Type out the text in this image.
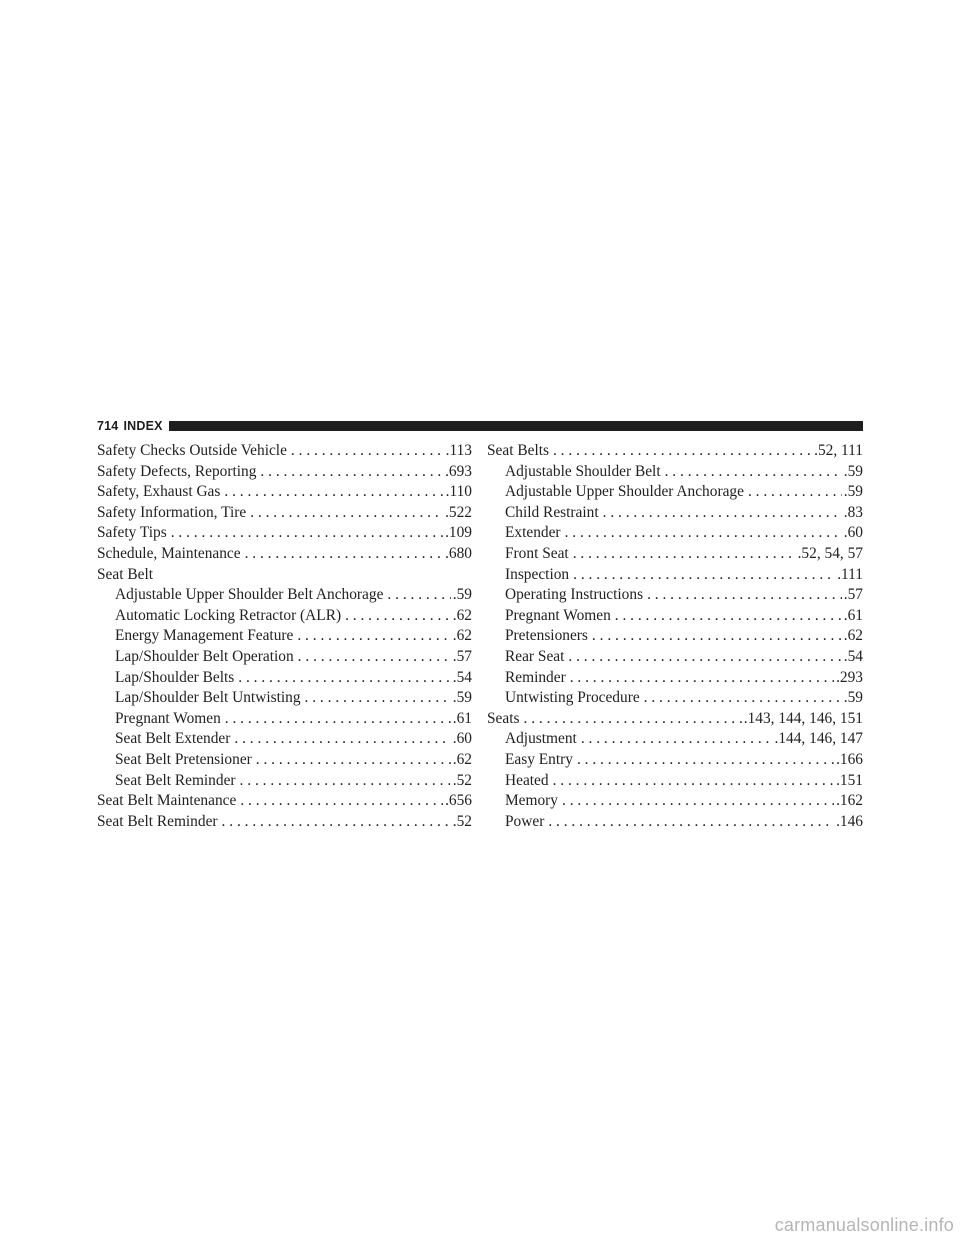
714 INDEX
Safety Checks Outside Vehicle . . .	.113
Safety Defects, Reporting . . .	.693
Safety, Exhaust Gas . . .	.110
Safety Information, Tire . . .	.522
Safety Tips . . .	.109
Schedule, Maintenance . . .	.680
Seat Belt
Adjustable Upper Shoulder Belt Anchorage . . .	.59
Automatic Locking Retractor (ALR) . . .	.62
Energy Management Feature . . .	.62
Lap/Shoulder Belt Operation . . .	.57
Lap/Shoulder Belts . . .	.54
Lap/Shoulder Belt Untwisting . . .	.59
Pregnant Women . . .	.61
Seat Belt Extender . . .	.60
Seat Belt Pretensioner . . .	.62
Seat Belt Reminder . . .	.52
Seat Belt Maintenance . . .	.656
Seat Belt Reminder . . .	.52
Seat Belts . . .	.52, 111
Adjustable Shoulder Belt . . .	.59
Adjustable Upper Shoulder Anchorage . . .	.59
Child Restraint . . .	.83
Extender . . .	.60
Front Seat . . .	.52, 54, 57
Inspection . . .	.111
Operating Instructions . . .	.57
Pregnant Women . . .	.61
Pretensioners . . .	.62
Rear Seat . . .	.54
Reminder . . .	.293
Untwisting Procedure . . .	.59
Seats . . .	.143, 144, 146, 151
Adjustment . . .	.144, 146, 147
Easy Entry . . .	.166
Heated . . .	.151
Memory . . .	.162
Power . . .	.146
carmanualsonline.info
